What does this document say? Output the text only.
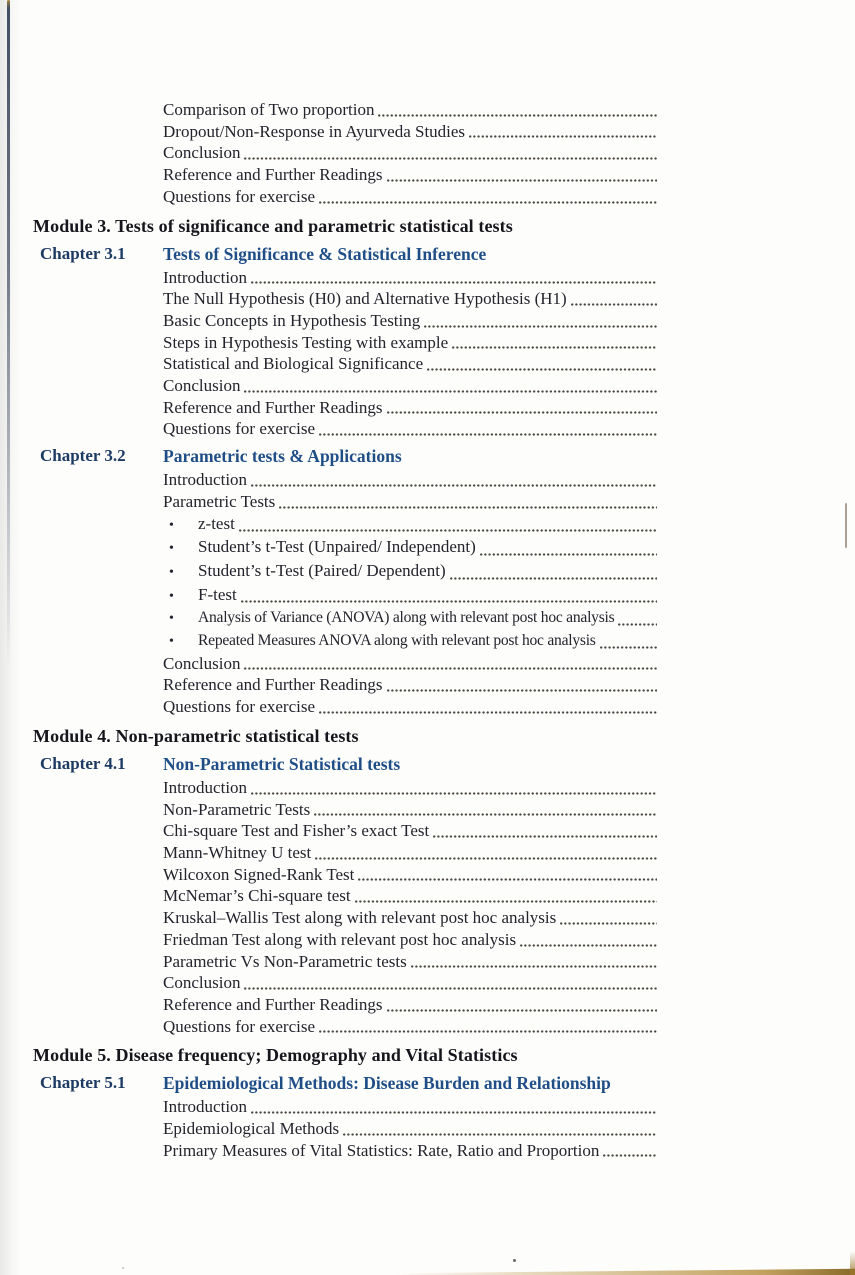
Comparison of Two proportion
Dropout/Non-Response in Ayurveda Studies
Conclusion
Reference and Further Readings
Questions for exercise
Module 3. Tests of significance and parametric statistical tests
Chapter 3.1	Tests of Significance & Statistical Inference
Introduction
The Null Hypothesis (H0) and Alternative Hypothesis (H1)
Basic Concepts in Hypothesis Testing
Steps in Hypothesis Testing with example
Statistical and Biological Significance
Conclusion
Reference and Further Readings
Questions for exercise
Chapter 3.2	Parametric tests & Applications
Introduction
Parametric Tests
•	z-test
•	Student’s t-Test (Unpaired/ Independent)
•	Student’s t-Test (Paired/ Dependent)
•	F-test
•	Analysis of Variance (ANOVA) along with relevant post hoc analysis
•	Repeated Measures ANOVA along with relevant post hoc analysis
Conclusion
Reference and Further Readings
Questions for exercise
Module 4. Non-parametric statistical tests
Chapter 4.1	Non-Parametric Statistical tests
Introduction
Non-Parametric Tests
Chi-square Test and Fisher’s exact Test
Mann-Whitney U test
Wilcoxon Signed-Rank Test
McNemar’s Chi-square test
Kruskal–Wallis Test along with relevant post hoc analysis
Friedman Test along with relevant post hoc analysis
Parametric Vs Non-Parametric tests
Conclusion
Reference and Further Readings
Questions for exercise
Module 5. Disease frequency; Demography and Vital Statistics
Chapter 5.1	Epidemiological Methods: Disease Burden and Relationship
Introduction
Epidemiological Methods
Primary Measures of Vital Statistics: Rate, Ratio and Proportion
